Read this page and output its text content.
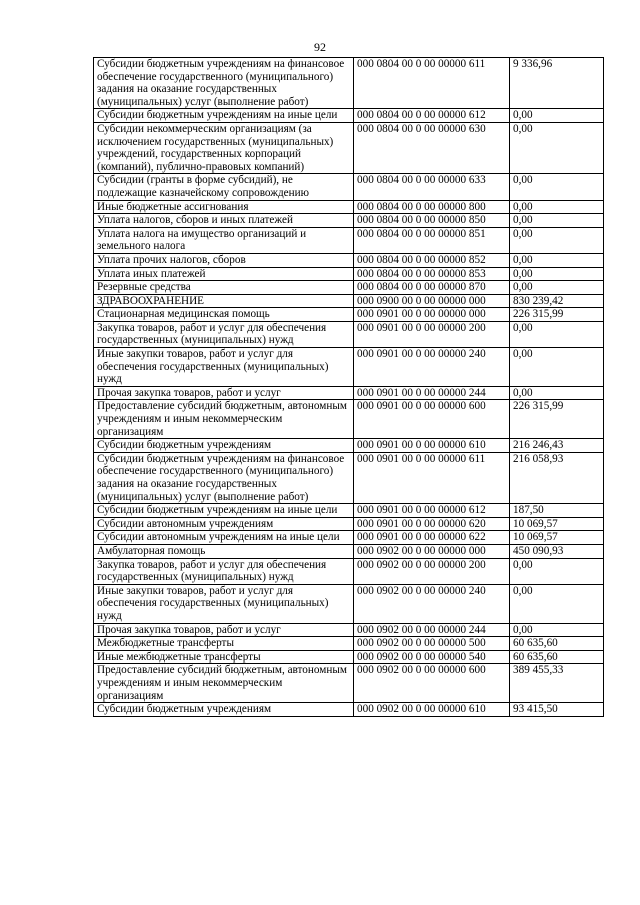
92
Субсидии бюджетным учреждениям на финансовое обеспечение государственного (муниципального) задания на оказание государственных (муниципальных) услуг (выполнение работ)	000 0804 00 0 00 00000 611	9 336,96
Субсидии бюджетным учреждениям на иные цели	000 0804 00 0 00 00000 612	0,00
Субсидии некоммерческим организациям (за исключением государственных (муниципальных) учреждений, государственных корпораций (компаний), публично-правовых компаний)	000 0804 00 0 00 00000 630	0,00
Субсидии (гранты в форме субсидий), не подлежащие казначейскому сопровождению	000 0804 00 0 00 00000 633	0,00
Иные бюджетные ассигнования	000 0804 00 0 00 00000 800	0,00
Уплата налогов, сборов и иных платежей	000 0804 00 0 00 00000 850	0,00
Уплата налога на имущество организаций и земельного налога	000 0804 00 0 00 00000 851	0,00
Уплата прочих налогов, сборов	000 0804 00 0 00 00000 852	0,00
Уплата иных платежей	000 0804 00 0 00 00000 853	0,00
Резервные средства	000 0804 00 0 00 00000 870	0,00
ЗДРАВООХРАНЕНИЕ	000 0900 00 0 00 00000 000	830 239,42
Стационарная медицинская помощь	000 0901 00 0 00 00000 000	226 315,99
Закупка товаров, работ и услуг для обеспечения государственных (муниципальных) нужд	000 0901 00 0 00 00000 200	0,00
Иные закупки товаров, работ и услуг для обеспечения государственных (муниципальных) нужд	000 0901 00 0 00 00000 240	0,00
Прочая закупка товаров, работ и услуг	000 0901 00 0 00 00000 244	0,00
Предоставление субсидий бюджетным, автономным учреждениям и иным некоммерческим организациям	000 0901 00 0 00 00000 600	226 315,99
Субсидии бюджетным учреждениям	000 0901 00 0 00 00000 610	216 246,43
Субсидии бюджетным учреждениям на финансовое обеспечение государственного (муниципального) задания на оказание государственных (муниципальных) услуг (выполнение работ)	000 0901 00 0 00 00000 611	216 058,93
Субсидии бюджетным учреждениям на иные цели	000 0901 00 0 00 00000 612	187,50
Субсидии автономным учреждениям	000 0901 00 0 00 00000 620	10 069,57
Субсидии автономным учреждениям на иные цели	000 0901 00 0 00 00000 622	10 069,57
Амбулаторная помощь	000 0902 00 0 00 00000 000	450 090,93
Закупка товаров, работ и услуг для обеспечения государственных (муниципальных) нужд	000 0902 00 0 00 00000 200	0,00
Иные закупки товаров, работ и услуг для обеспечения государственных (муниципальных) нужд	000 0902 00 0 00 00000 240	0,00
Прочая закупка товаров, работ и услуг	000 0902 00 0 00 00000 244	0,00
Межбюджетные трансферты	000 0902 00 0 00 00000 500	60 635,60
Иные межбюджетные трансферты	000 0902 00 0 00 00000 540	60 635,60
Предоставление субсидий бюджетным, автономным учреждениям и иным некоммерческим организациям	000 0902 00 0 00 00000 600	389 455,33
Субсидии бюджетным учреждениям	000 0902 00 0 00 00000 610	93 415,50
